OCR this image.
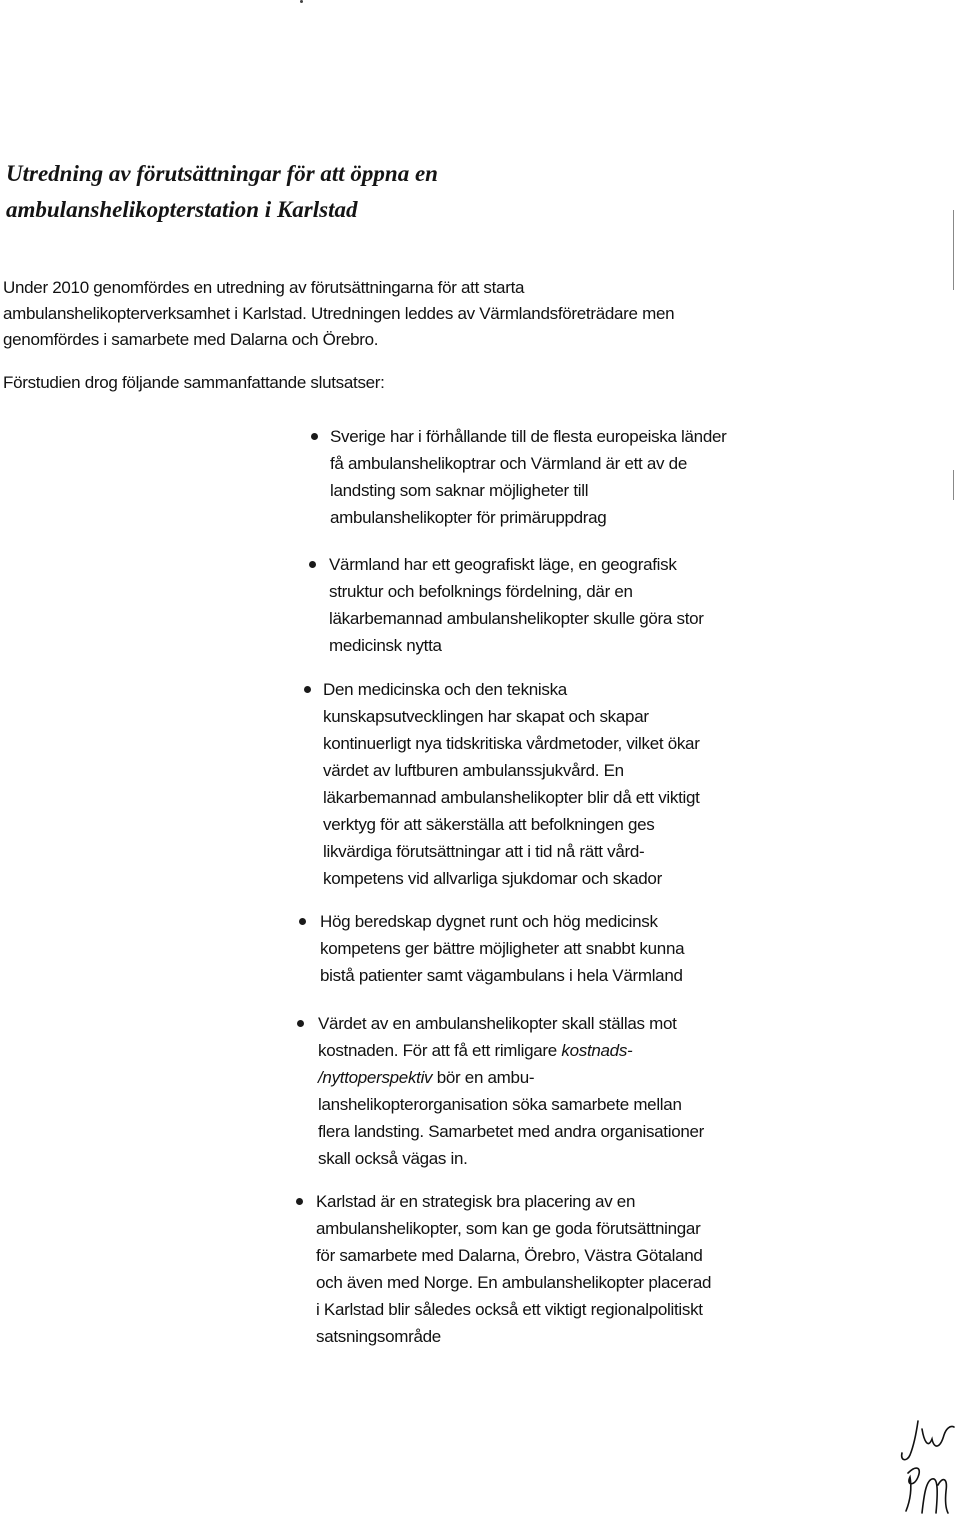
Utredning av förutsättningar för att öppna en
ambulanshelikopterstation i Karlstad

Under 2010 genomfördes en utredning av förutsättningarna för att starta
ambulanshelikopterverksamhet i Karlstad. Utredningen leddes av Värmlandsföreträdare men
genomfördes i samarbete med Dalarna och Örebro.

Förstudien drog följande sammanfattande slutsatser:

Sverige har i förhållande till de flesta europeiska länder
få ambulanshelikoptrar och Värmland är ett av de
landsting som saknar möjligheter till
ambulanshelikopter för primäruppdrag
Värmland har ett geografiskt läge, en geografisk
struktur och befolknings fördelning, där en
läkarbemannad ambulanshelikopter skulle göra stor
medicinsk nytta
Den medicinska och den tekniska
kunskapsutvecklingen har skapat och skapar
kontinuerligt nya tidskritiska vårdmetoder, vilket ökar
värdet av luftburen ambulanssjukvård. En
läkarbemannad ambulanshelikopter blir då ett viktigt
verktyg för att säkerställa att befolkningen ges
likvärdiga förutsättningar att i tid nå rätt vård-
kompetens vid allvarliga sjukdomar och skador
Hög beredskap dygnet runt och hög medicinsk
kompetens ger bättre möjligheter att snabbt kunna
bistå patienter samt vägambulans i hela Värmland
Värdet av en ambulanshelikopter skall ställas mot
kostnaden. För att få ett rimligare kostnads-
/nyttoperspektiv bör en ambu-
lanshelikopterorganisation söka samarbete mellan
flera landsting. Samarbetet med andra organisationer
skall också vägas in.
Karlstad är en strategisk bra placering av en
ambulanshelikopter, som kan ge goda förutsättningar
för samarbete med Dalarna, Örebro, Västra Götaland
och även med Norge. En ambulanshelikopter placerad
i Karlstad blir således också ett viktigt regionalpolitiskt
satsningsområde
